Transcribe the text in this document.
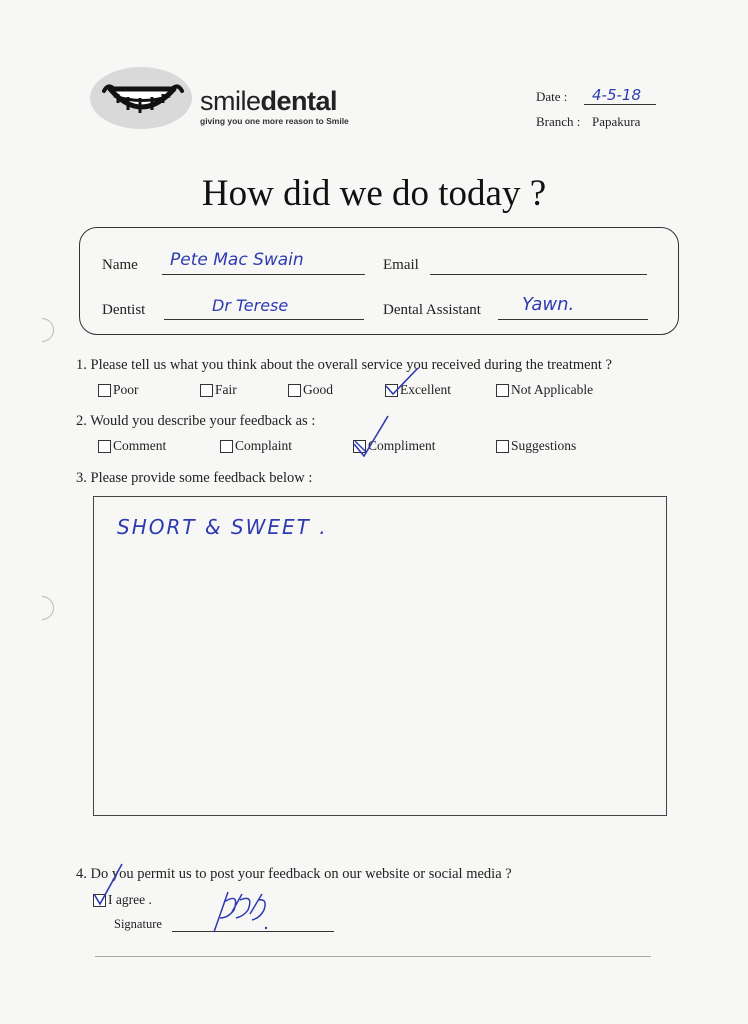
smiledental
giving you one more reason to Smile
Date : 4-5-18
Branch : Papakura
How did we do today ?
Name Pete Mac Swain	Email
Dentist	Dr Terese	Dental Assistant Yawn.
1. Please tell us what you think about the overall service you received during the treatment ?
Poor	Fair	Good	Excellent	Not Applicable
2. Would you describe your feedback as :
Comment	Complaint	Compliment	Suggestions
3. Please provide some feedback below :
SHORT & SWEET .
4. Do you permit us to post your feedback on our website or social media ?
I agree .
Signature
